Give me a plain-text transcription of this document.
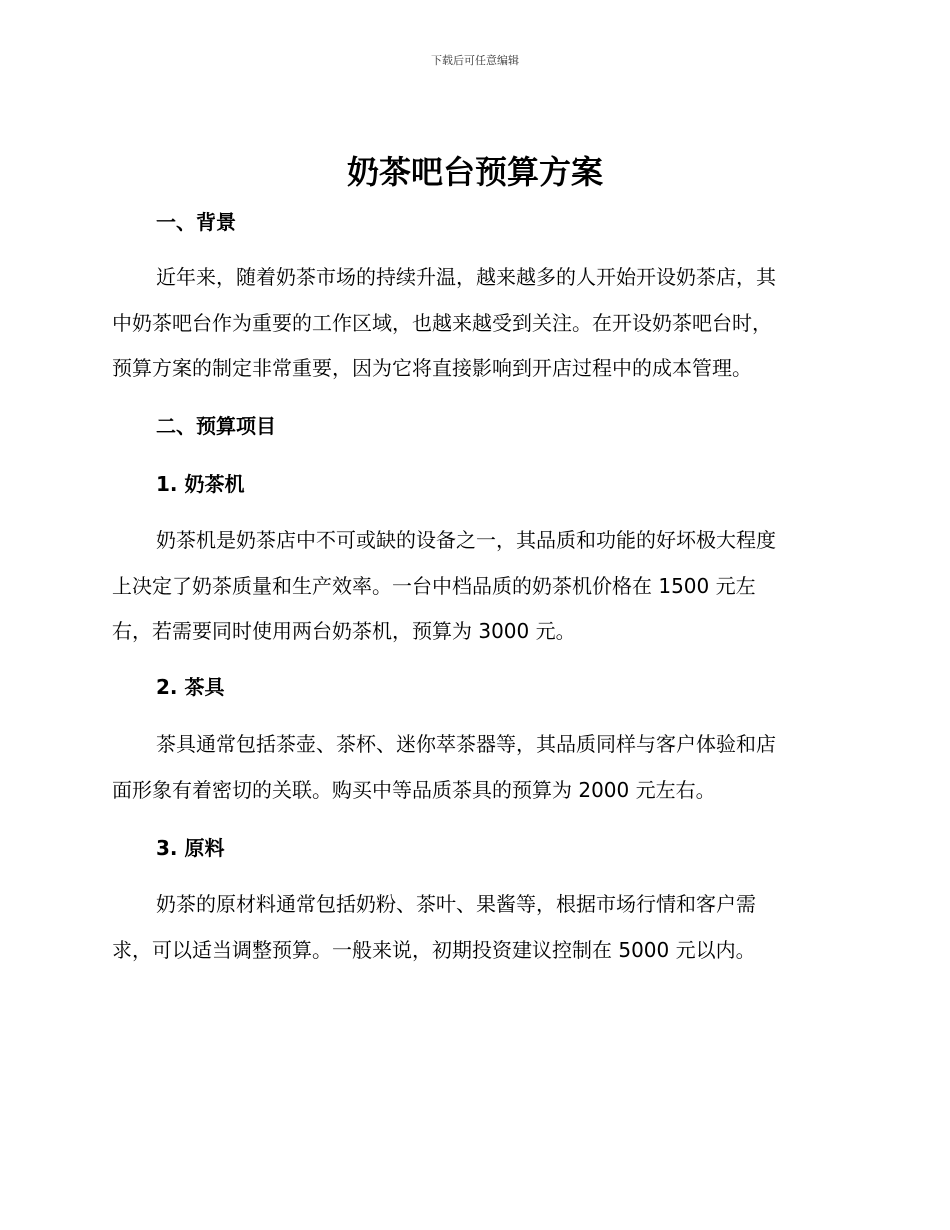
下载后可任意编辑
奶茶吧台预算方案
一、背景

近年来，随着奶茶市场的持续升温，越来越多的人开始开设奶茶店，其
中奶茶吧台作为重要的工作区域，也越来越受到关注。在开设奶茶吧台时，
预算方案的制定非常重要，因为它将直接影响到开店过程中的成本管理。

二、预算项目
1. 奶茶机

奶茶机是奶茶店中不可或缺的设备之一，其品质和功能的好坏极大程度
上决定了奶茶质量和生产效率。一台中档品质的奶茶机价格在 1500 元左
右，若需要同时使用两台奶茶机，预算为 3000 元。

2. 茶具

茶具通常包括茶壶、茶杯、迷你萃茶器等，其品质同样与客户体验和店
面形象有着密切的关联。购买中等品质茶具的预算为 2000 元左右。

3. 原料

奶茶的原材料通常包括奶粉、茶叶、果酱等，根据市场行情和客户需
求，可以适当调整预算。一般来说，初期投资建议控制在 5000 元以内。
